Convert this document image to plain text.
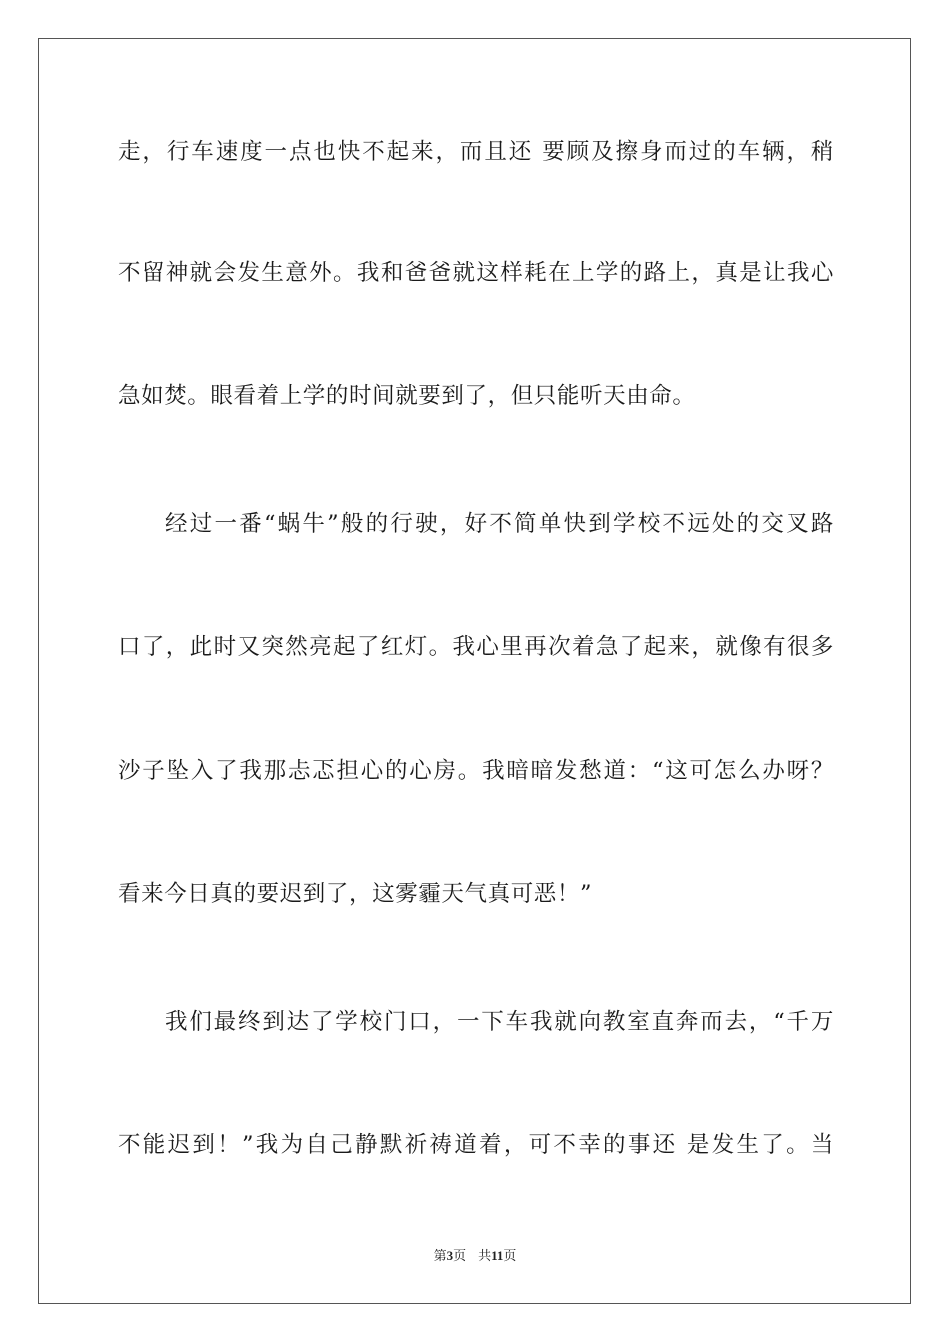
走，行车速度一点也快不起来，而且还 要顾及擦身而过的车辆，稍
不留神就会发生意外。我和爸爸就这样耗在上学的路上，真是让我心
急如焚。眼看着上学的时间就要到了，但只能听天由命。
经过一番“蜗牛”般的行驶，好不简单快到学校不远处的交叉路
口了，此时又突然亮起了红灯。我心里再次着急了起来，就像有很多
沙子坠入了我那忐忑担心的心房。我暗暗发愁道：“这可怎么办呀？
看来今日真的要迟到了，这雾霾天气真可恶！”
我们最终到达了学校门口，一下车我就向教室直奔而去，“千万
不能迟到！”我为自己静默祈祷道着，可不幸的事还 是发生了。当
第3页 共11页
